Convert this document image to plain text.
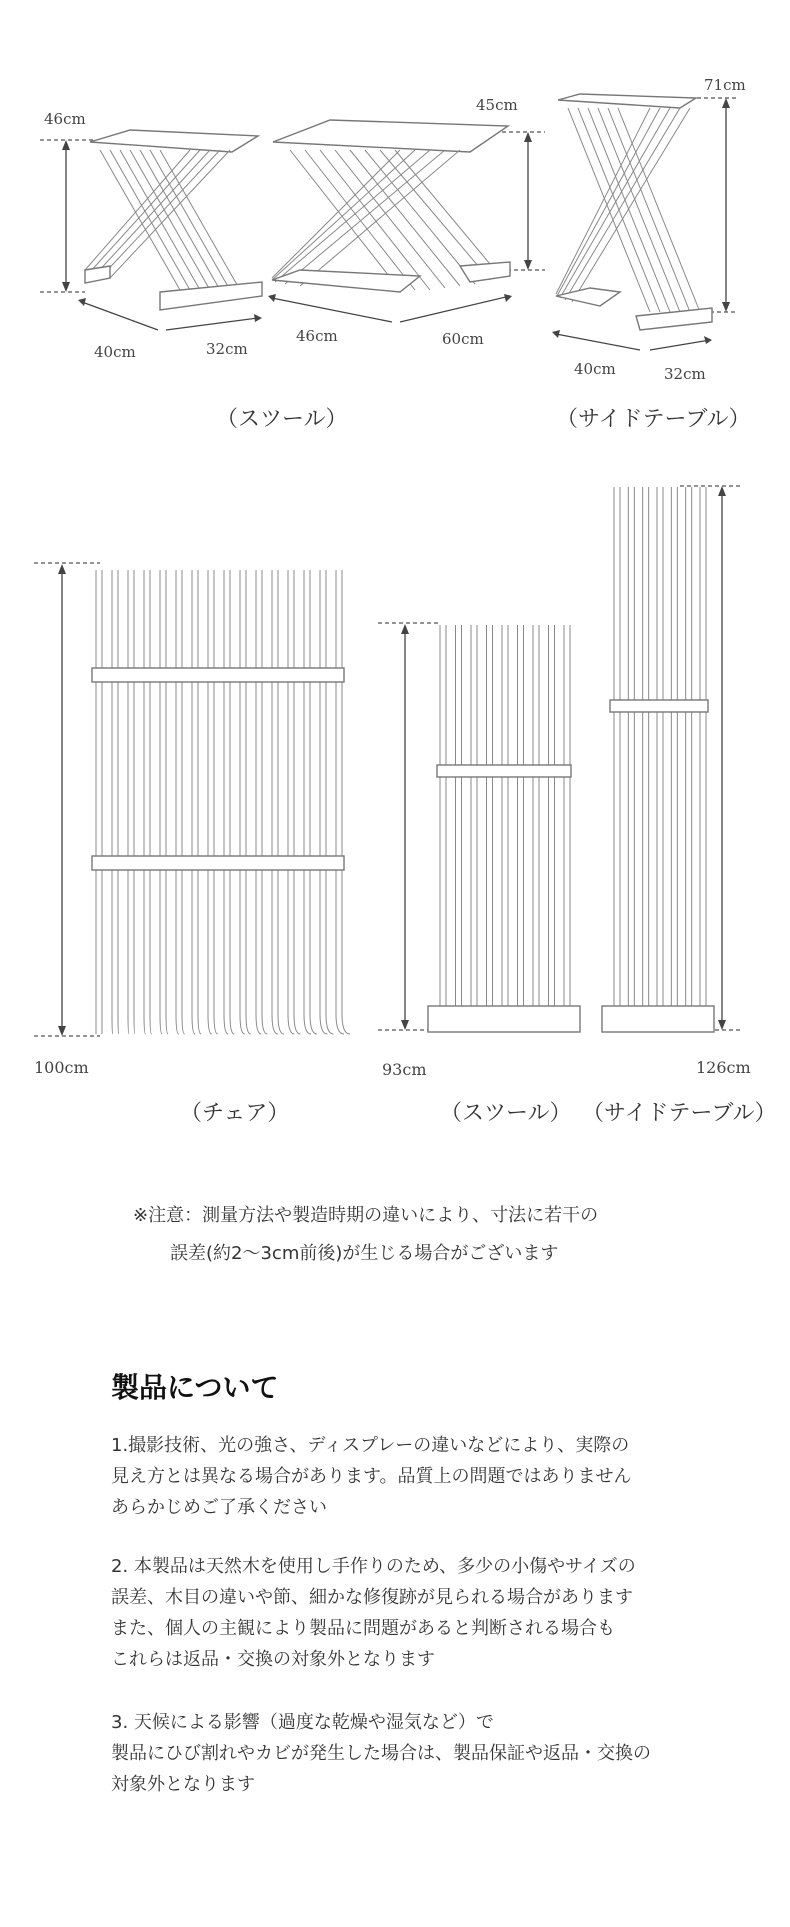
46cm
40cm	32cm
45cm
46cm	60cm
71cm
40cm	32cm
（スツール）	（サイドテーブル）
100cm	93cm	126cm
（チェア）	（スツール） （サイドテーブル）
※注意：測量方法や製造時期の違いにより、寸法に若干の
誤差(約2～3cm前後)が生じる場合がございます
製品について
1.撮影技術、光の強さ、ディスプレーの違いなどにより、実際の
見え方とは異なる場合があります。品質上の問題ではありません
あらかじめご了承ください
2. 本製品は天然木を使用し手作りのため、多少の小傷やサイズの
誤差、木目の違いや節、細かな修復跡が見られる場合があります
また、個人の主観により製品に問題があると判断される場合も
これらは返品・交換の対象外となります
3. 天候による影響（過度な乾燥や湿気など）で
製品にひび割れやカビが発生した場合は、製品保証や返品・交換の
対象外となります
